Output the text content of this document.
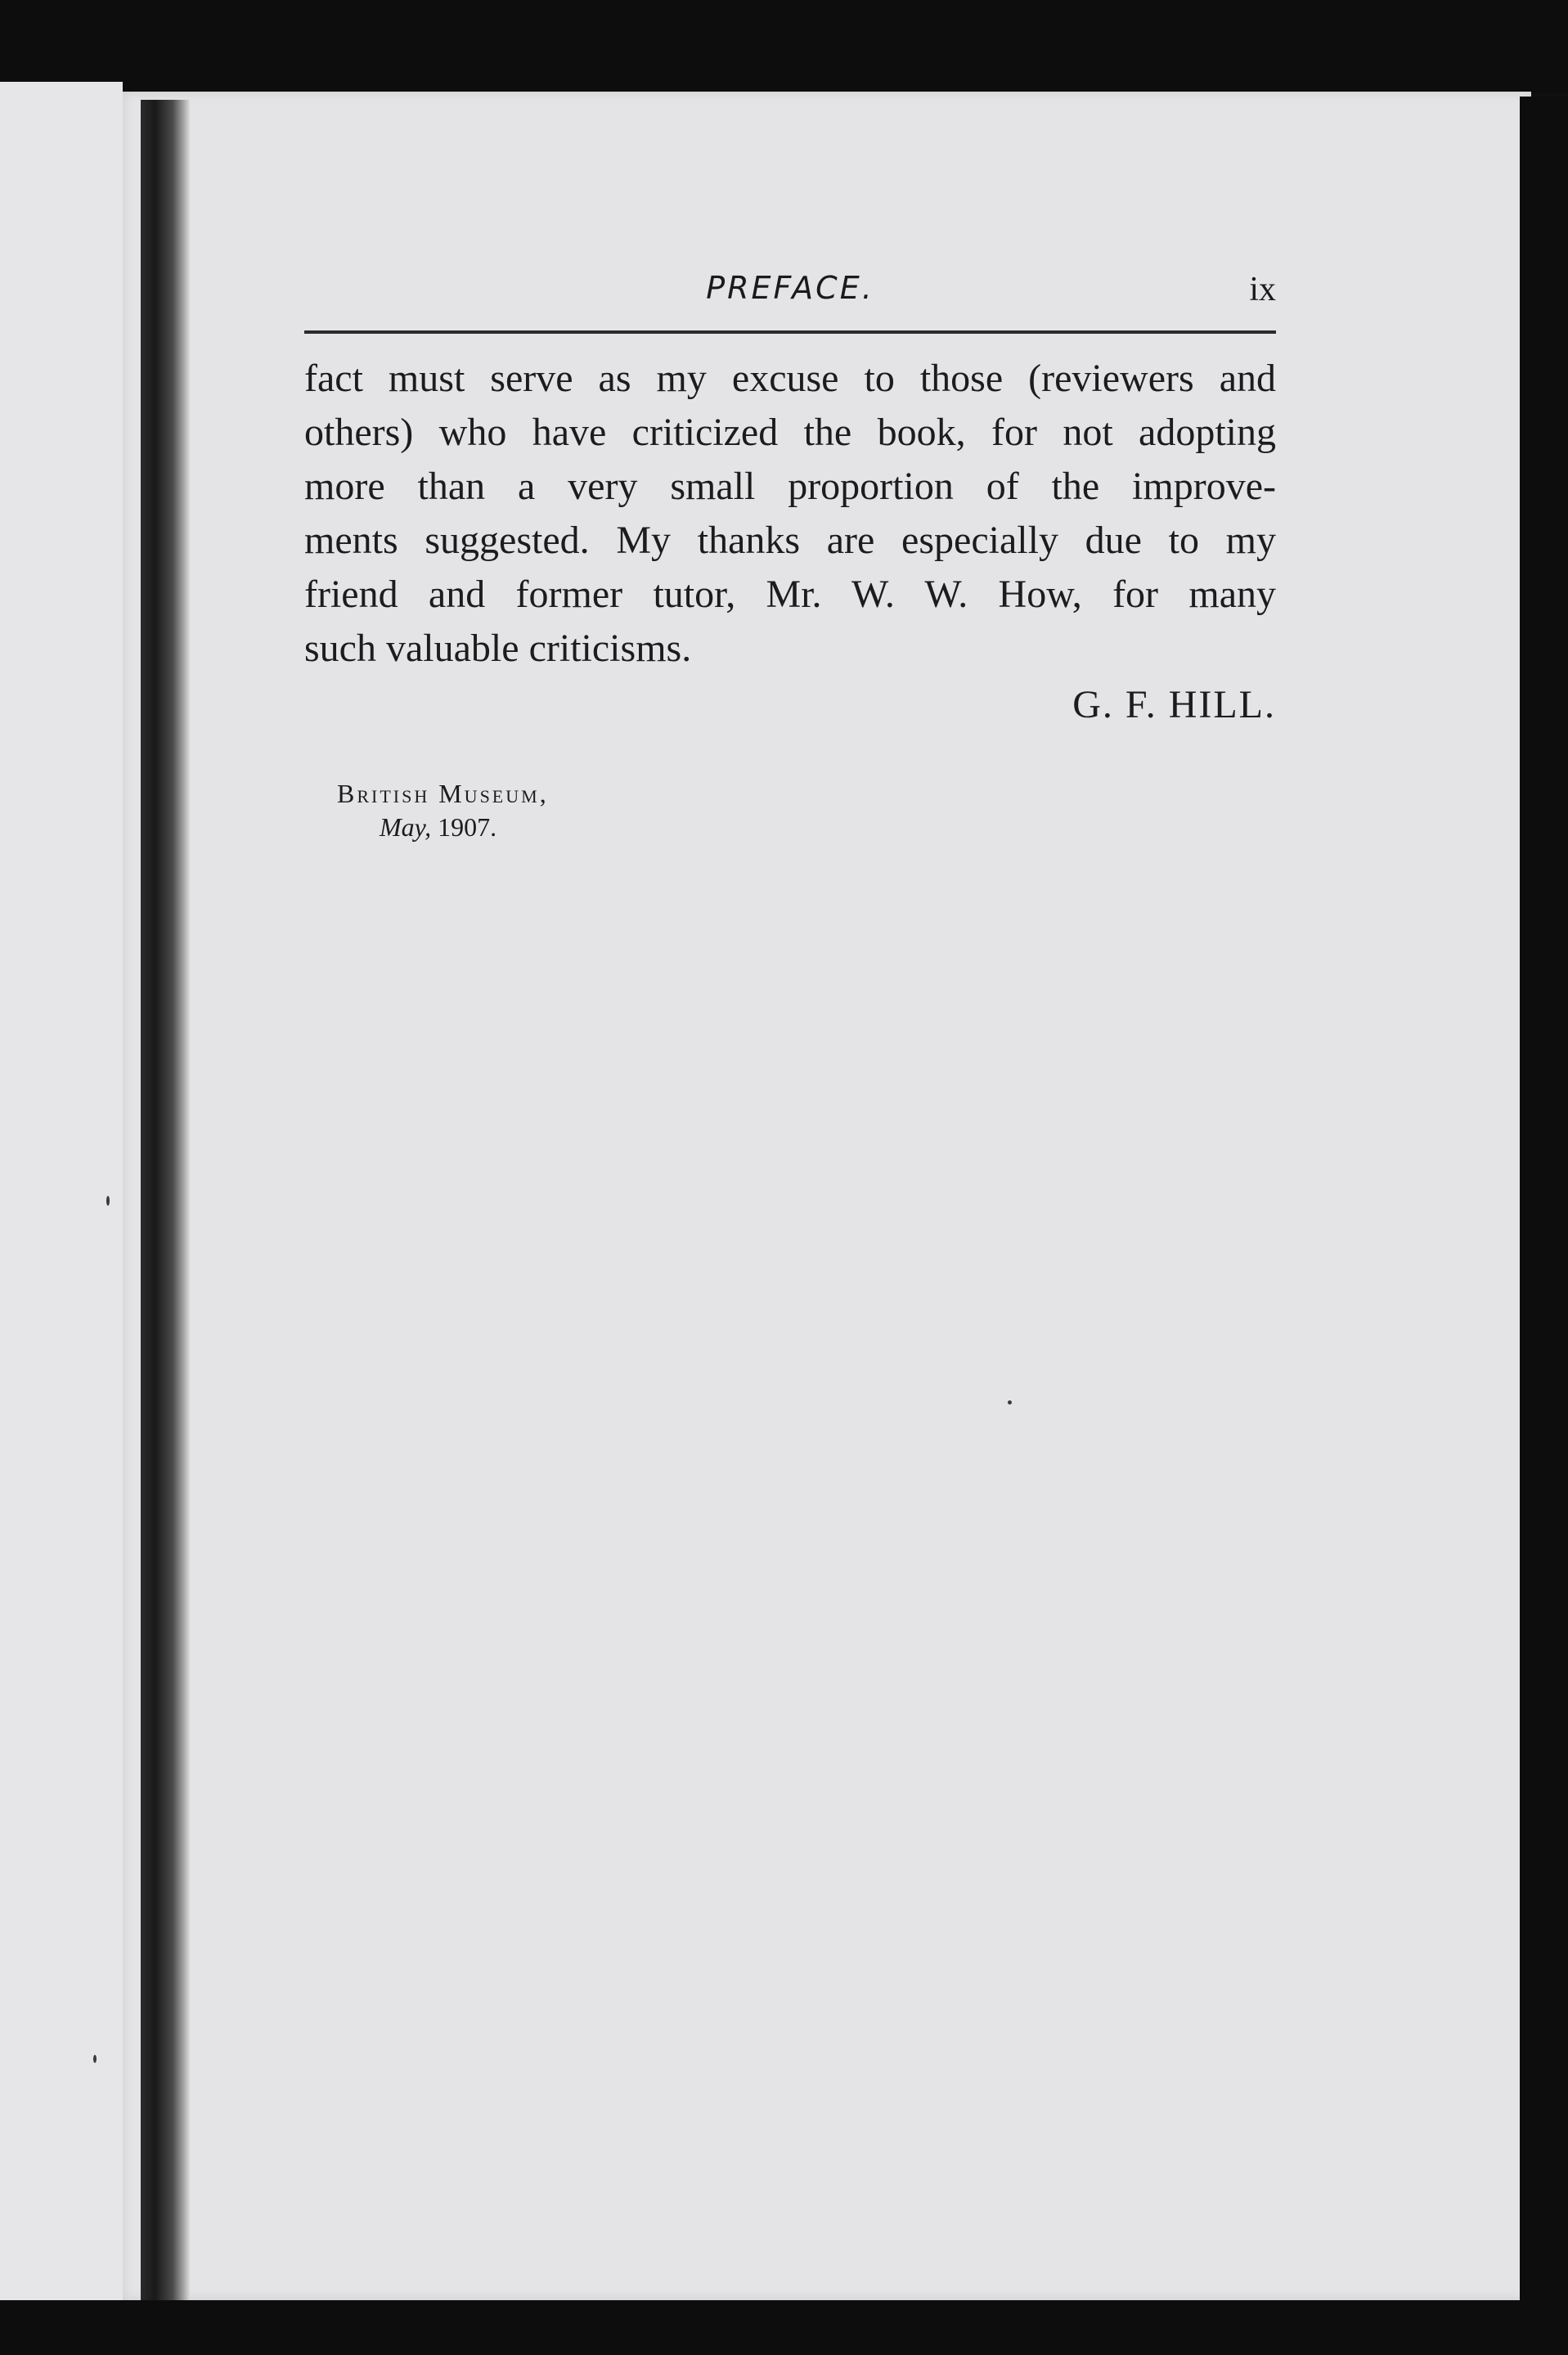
PREFACE.	ix
fact must serve as my excuse to those (reviewers and
others) who have criticized the book, for not adopting
more than a very small proportion of the improve-
ments suggested. My thanks are especially due to my
friend and former tutor, Mr. W. W. How, for many
such valuable criticisms.
G. F. HILL.
British Museum,
May, 1907.
